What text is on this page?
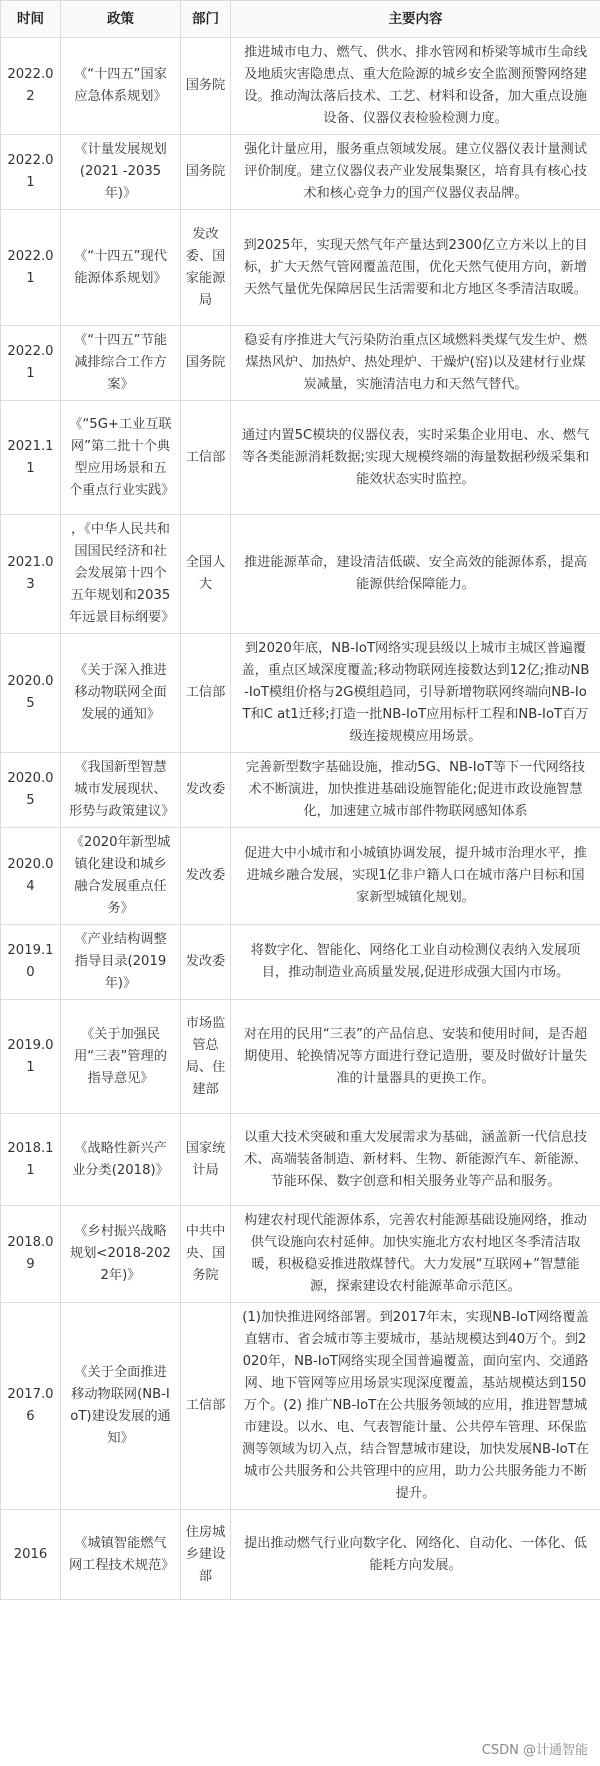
时间	政策	部门	主要内容
2022.02	《“十四五”国家应急体系规划》	国务院	推进城市电力、燃气、供水、排水管网和桥梁等城市生命线及地质灾害隐患点、重大危险源的城乡安全监测预警网络建设。推动淘汰落后技术、工艺、材料和设备，加大重点设施设备、仪器仪表检验检测力度。
2022.01	《计量发展规划(2021 -2035年)》	国务院	强化计量应用，服务重点领域发展。建立仪器仪表计量测试评价制度。建立仪器仪表产业发展集聚区，培育具有核心技术和核心竞争力的国产仪器仪表品牌。
2022.01	《“十四五”现代能源体系规划》	发改委、国家能源局	到2025年，实现天然气年产量达到2300亿立方米以上的目标，扩大天然气管网覆盖范围，优化天然气使用方向，新增天然气量优先保障居民生活需要和北方地区冬季清洁取暖。
2022.01	《“十四五”节能减排综合工作方案》	国务院	稳妥有序推进大气污染防治重点区域燃料类煤气发生炉、燃煤热风炉、加热炉、热处理炉、干燥炉(窑)以及建材行业煤炭减量，实施清洁电力和天然气替代。
2021.11	《“5G+工业互联网”第二批十个典型应用场景和五个重点行业实践》	工信部	通过内置5C模块的仪器仪表，实时采集企业用电、水、燃气等各类能源消耗数据;实现大规模终端的海量数据秒级采集和能效状态实时监控。
2021.03	，《中华人民共和国国民经济和社会发展第十四个五年规划和2035年远景目标纲要》	全国人大	推进能源革命，建设清洁低碳、安全高效的能源体系，提高能源供给保障能力。
2020.05	《关于深入推进移动物联网全面发展的通知》	工信部	到2020年底，NB-IoT网络实现县级以上城市主城区普遍覆盖，重点区域深度覆盖;移动物联网连接数达到12亿;推动NB-IoT模组价格与2G模组趋同，引导新增物联网终端向NB-IoT和C at1迁移;打造一批NB-IoT应用标杆工程和NB-IoT百万级连接规模应用场景。
2020.05	《我国新型智慧城市发展现状、形势与政策建议》	发改委	完善新型数字基础设施，推动5G、NB-IoT等下一代网络技术不断演进，加快推进基础设施智能化;促进市政设施智慧化，加速建立城市部件物联网感知体系
2020.04	《2020年新型城镇化建设和城乡融合发展重点任务》	发改委	促进大中小城市和小城镇协调发展，提升城市治理水平，推进城乡融合发展，实现1亿非户籍人口在城市落户目标和国家新型城镇化规划。
2019.10	《产业结构调整指导目录(2019年)》	发改委	将数字化、智能化、网络化工业自动检测仪表纳入发展项目，推动制造业高质量发展,促进形成强大国内市场。
2019.01	《关于加强民用“三表”管理的指导意见》	市场监管总局、住建部	对在用的民用“三表”的产品信息、安装和使用时间，是否超期使用、轮换情况等方面进行登记造册，要及时做好计量失准的计量器具的更换工作。
2018.11	《战略性新兴产业分类(2018)》	国家统计局	以重大技术突破和重大发展需求为基础，涵盖新一代信息技术、高端装备制造、新材料、生物、新能源汽车、新能源、节能环保、数字创意和相关服务业等产品和服务。
2018.09	《乡村振兴战略规划<2018-2022年)》	中共中央、国务院	构建农村现代能源体系，完善农村能源基础设施网络，推动供气设施向农村延伸。加快实施北方农村地区冬季清洁取暖，积极稳妥推进散煤替代。大力发展“互联网+”智慧能源，探索建设农村能源革命示范区。
2017.06	《关于全面推进移动物联网(NB-IoT)建设发展的通知》	工信部	(1)加快推进网络部署。到2017年末，实现NB-IoT网络覆盖直辖市、省会城市等主要城市，基站规模达到40万个。到2020年，NB-IoT网络实现全国普遍覆盖，面向室内、交通路网、地下管网等应用场景实现深度覆盖，基站规模达到150万个。(2) 推广NB-IoT在公共服务领域的应用，推进智慧城市建设。以水、电、气表智能计量、公共停车管理、环保监测等领域为切入点，结合智慧城市建设，加快发展NB-IoT在城市公共服务和公共管理中的应用，助力公共服务能力不断提升。
2016	《城镇智能燃气网工程技术规范》	住房城乡建设部	提出推动燃气行业向数字化、网络化、自动化、一体化、低能耗方向发展。
CSDN @计通智能
